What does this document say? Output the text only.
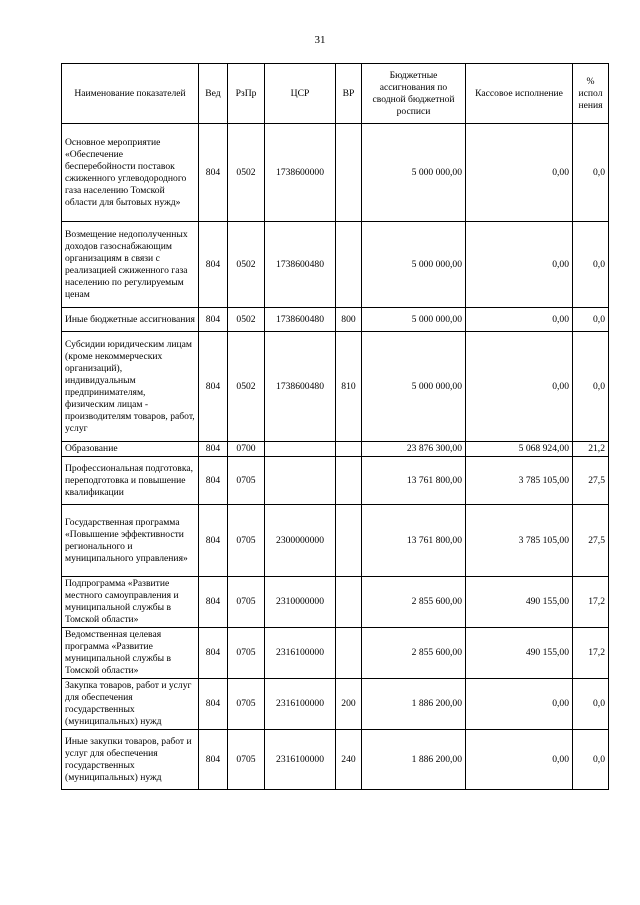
31
Наименование показателей	Вед	РзПр	ЦСР	ВР	Бюджетные ассигнования по сводной бюджетной росписи	Кассовое исполнение	% испол нения
Основное мероприятие «Обеспечение бесперебойности поставок сжиженного углеводородного газа населению Томской области для бытовых нужд»	804	0502	1738600000		5 000 000,00	0,00	0,0
Возмещение недополученных доходов газоснабжающим организациям в связи с реализацией сжиженного газа населению по регулируемым ценам	804	0502	1738600480		5 000 000,00	0,00	0,0
Иные бюджетные ассигнования	804	0502	1738600480	800	5 000 000,00	0,00	0,0
Субсидии юридическим лицам (кроме некоммерческих организаций), индивидуальным предпринимателям, физическим лицам - производителям товаров, работ, услуг	804	0502	1738600480	810	5 000 000,00	0,00	0,0
Образование	804	0700			23 876 300,00	5 068 924,00	21,2
Профессиональная подготовка, переподготовка и повышение квалификации	804	0705			13 761 800,00	3 785 105,00	27,5
Государственная программа «Повышение эффективности регионального и муниципального управления»	804	0705	2300000000		13 761 800,00	3 785 105,00	27,5
Подпрограмма «Развитие местного самоуправления и муниципальной службы в Томской области»	804	0705	2310000000		2 855 600,00	490 155,00	17,2
Ведомственная целевая программа «Развитие муниципальной службы в Томской области»	804	0705	2316100000		2 855 600,00	490 155,00	17,2
Закупка товаров, работ и услуг для обеспечения государственных (муниципальных) нужд	804	0705	2316100000	200	1 886 200,00	0,00	0,0
Иные закупки товаров, работ и услуг для обеспечения государственных (муниципальных) нужд	804	0705	2316100000	240	1 886 200,00	0,00	0,0
